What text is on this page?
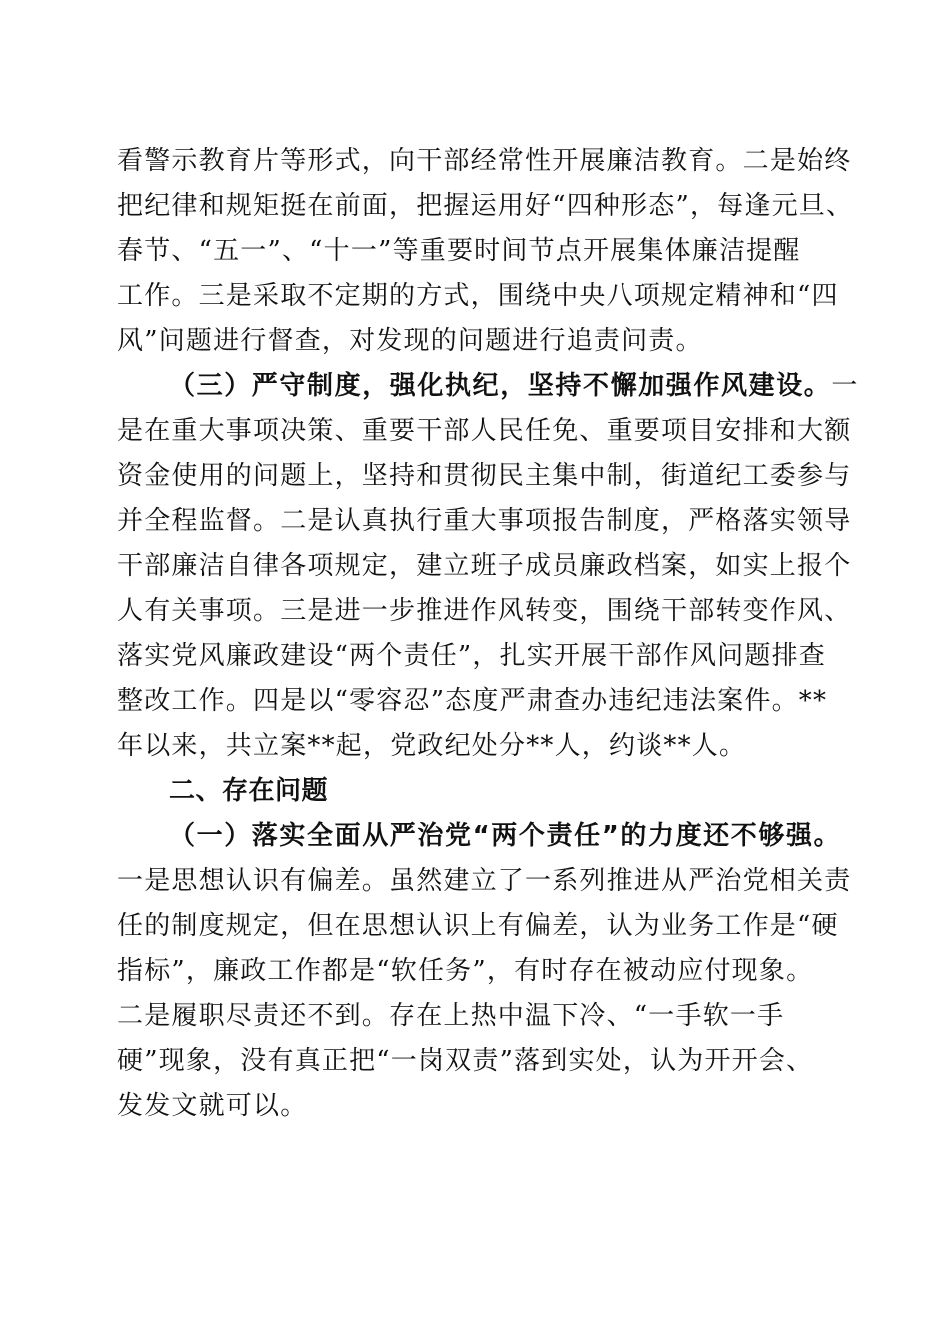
看警示教育片等形式，向干部经常性开展廉洁教育。二是始终
把纪律和规矩挺在前面，把握运用好“四种形态”，每逢元旦、
春节、“五一”、“十一”等重要时间节点开展集体廉洁提醒
工作。三是采取不定期的方式，围绕中央八项规定精神和“四
风”问题进行督查，对发现的问题进行追责问责。
（三）严守制度，强化执纪，坚持不懈加强作风建设。一
是在重大事项决策、重要干部人民任免、重要项目安排和大额
资金使用的问题上，坚持和贯彻民主集中制，街道纪工委参与
并全程监督。二是认真执行重大事项报告制度，严格落实领导
干部廉洁自律各项规定，建立班子成员廉政档案，如实上报个
人有关事项。三是进一步推进作风转变，围绕干部转变作风、
落实党风廉政建设“两个责任”，扎实开展干部作风问题排查
整改工作。四是以“零容忍”态度严肃查办违纪违法案件。**
年以来，共立案**起，党政纪处分**人，约谈**人。
二、存在问题
（一）落实全面从严治党“两个责任”的力度还不够强。
一是思想认识有偏差。虽然建立了一系列推进从严治党相关责
任的制度规定，但在思想认识上有偏差，认为业务工作是“硬
指标”，廉政工作都是“软任务”，有时存在被动应付现象。
二是履职尽责还不到。存在上热中温下冷、“一手软一手
硬”现象，没有真正把“一岗双责”落到实处，认为开开会、
发发文就可以。
